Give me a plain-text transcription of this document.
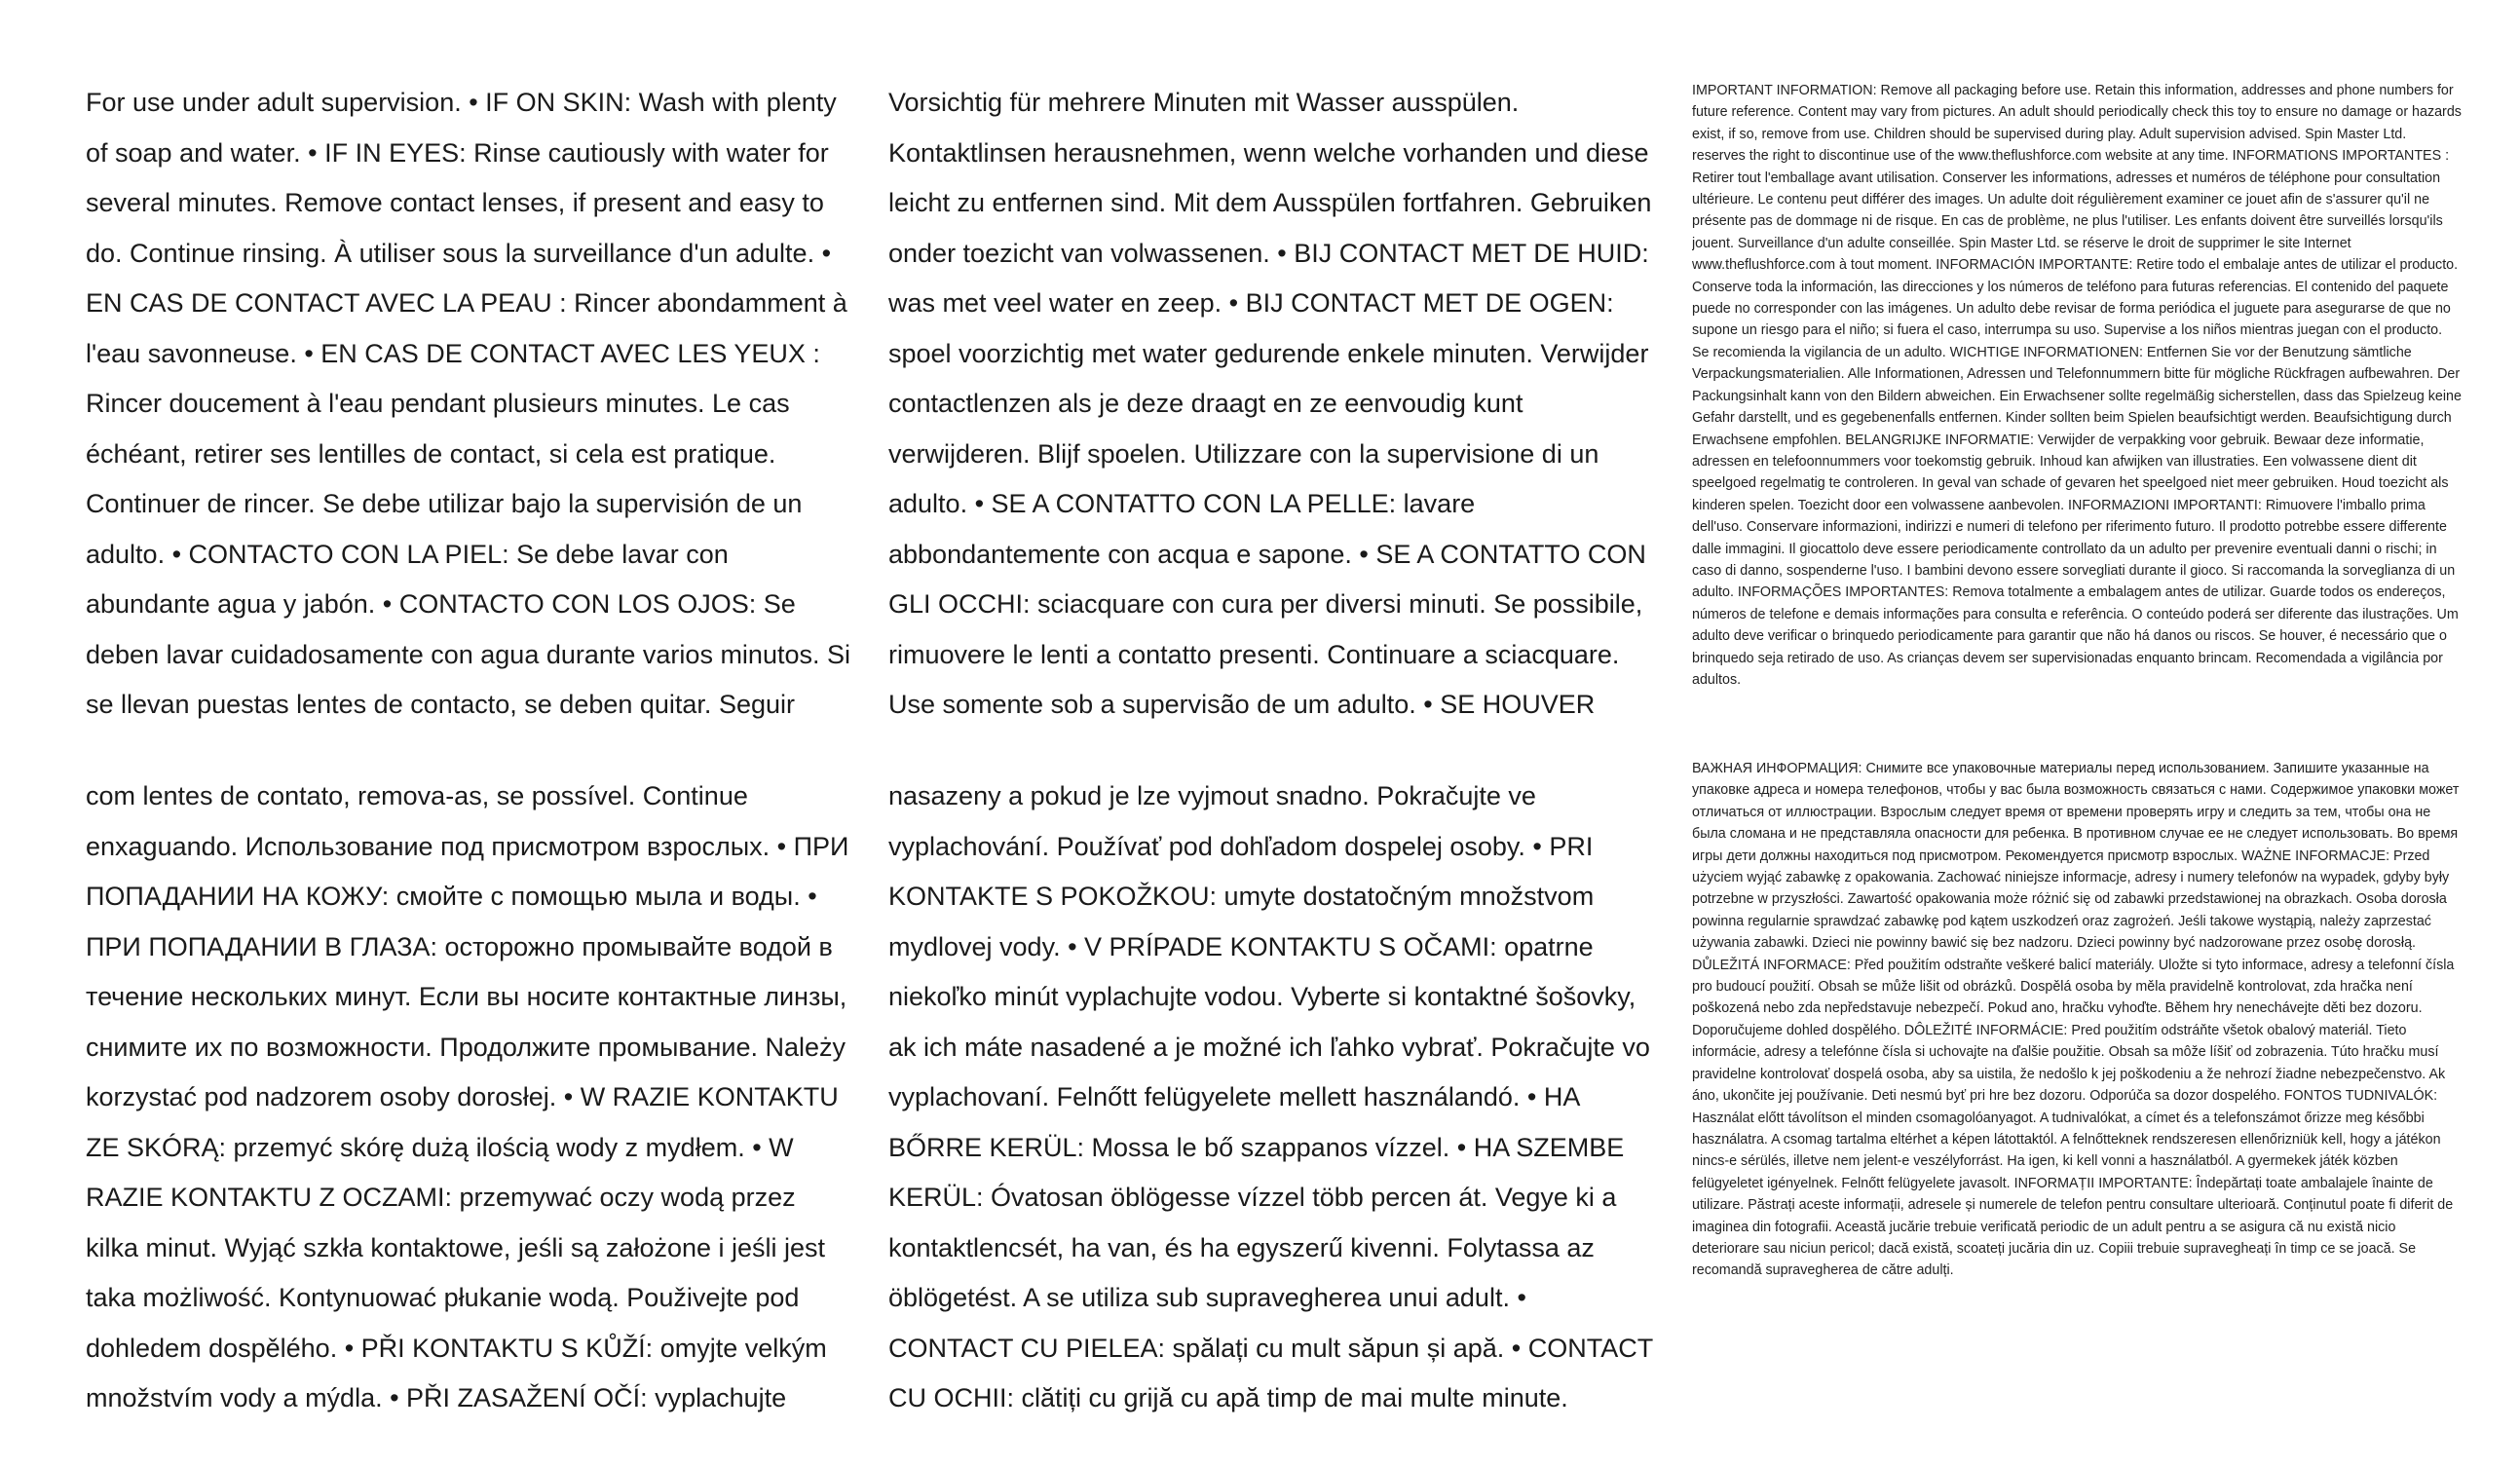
For use under adult supervision. • IF ON SKIN: Wash with plenty of soap and water. • IF IN EYES: Rinse cautiously with water for several minutes. Remove contact lenses, if present and easy to do. Continue rinsing. À utiliser sous la surveillance d'un adulte. • EN CAS DE CONTACT AVEC LA PEAU : Rincer abondamment à l'eau savonneuse. • EN CAS DE CONTACT AVEC LES YEUX : Rincer doucement à l'eau pendant plusieurs minutes. Le cas échéant, retirer ses lentilles de contact, si cela est pratique. Continuer de rincer. Se debe utilizar bajo la supervisión de un adulto. • CONTACTO CON LA PIEL: Se debe lavar con abundante agua y jabón. • CONTACTO CON LOS OJOS: Se deben lavar cuidadosamente con agua durante varios minutos. Si se llevan puestas lentes de contacto, se deben quitar. Seguir

Vorsichtig für mehrere Minuten mit Wasser ausspülen. Kontaktlinsen herausnehmen, wenn welche vorhanden und diese leicht zu entfernen sind. Mit dem Ausspülen fortfahren. Gebruiken onder toezicht van volwassenen. • BIJ CONTACT MET DE HUID: was met veel water en zeep. • BIJ CONTACT MET DE OGEN: spoel voorzichtig met water gedurende enkele minuten. Verwijder contactlenzen als je deze draagt en ze eenvoudig kunt verwijderen. Blijf spoelen. Utilizzare con la supervisione di un adulto. • SE A CONTATTO CON LA PELLE: lavare abbondantemente con acqua e sapone. • SE A CONTATTO CON GLI OCCHI: sciacquare con cura per diversi minuti. Se possibile, rimuovere le lenti a contatto presenti. Continuare a sciacquare. Use somente sob a supervisão de um adulto. • SE HOUVER

com lentes de contato, remova-as, se possível. Continue enxaguando. Использование под присмотром взрослых. • ПРИ ПОПАДАНИИ НА КОЖУ: смойте с помощью мыла и воды. • ПРИ ПОПАДАНИИ В ГЛАЗА: осторожно промывайте водой в течение нескольких минут. Если вы носите контактные линзы, снимите их по возможности. Продолжите промывание. Należy korzystać pod nadzorem osoby dorosłej. • W RAZIE KONTAKTU ZE SKÓRĄ: przemyć skórę dużą ilością wody z mydłem. • W RAZIE KONTAKTU Z OCZAMI: przemywać oczy wodą przez kilka minut. Wyjąć szkła kontaktowe, jeśli są założone i jeśli jest taka możliwość. Kontynuować płukanie wodą. Použivejte pod dohledem dospělého. • PŘI KONTAKTU S KŮŽÍ: omyjte velkým množstvím vody a mýdla. • PŘI ZASAŽENÍ OČÍ: vyplachujte

nasazeny a pokud je lze vyjmout snadno. Pokračujte ve vyplachování. Používať pod dohľadom dospelej osoby. • PRI KONTAKTE S POKOŽKOU: umyte dostatočným množstvom mydlovej vody. • V PRÍPADE KONTAKTU S OČAMI: opatrne niekoľko minút vyplachujte vodou. Vyberte si kontaktné šošovky, ak ich máte nasadené a je možné ich ľahko vybrať. Pokračujte vo vyplachovaní. Felnőtt felügyelete mellett használandó. • HA BŐRRE KERÜL: Mossa le bő szappanos vízzel. • HA SZEMBE KERÜL: Óvatosan öblögesse vízzel több percen át. Vegye ki a kontaktlencsét, ha van, és ha egyszerű kivenni. Folytassa az öblögetést. A se utiliza sub supravegherea unui adult. • CONTACT CU PIELEA: spălați cu mult săpun și apă. • CONTACT CU OCHII: clătiți cu grijă cu apă timp de mai multe minute.

IMPORTANT INFORMATION: Remove all packaging before use. Retain this information, addresses and phone numbers for future reference. Content may vary from pictures. An adult should periodically check this toy to ensure no damage or hazards exist, if so, remove from use. Children should be supervised during play. Adult supervision advised. Spin Master Ltd. reserves the right to discontinue use of the www.theflushforce.com website at any time. INFORMATIONS IMPORTANTES : Retirer tout l'emballage avant utilisation. Conserver les informations, adresses et numéros de téléphone pour consultation ultérieure. Le contenu peut différer des images. Un adulte doit régulièrement examiner ce jouet afin de s'assurer qu'il ne présente pas de dommage ni de risque. En cas de problème, ne plus l'utiliser. Les enfants doivent être surveillés lorsqu'ils jouent. Surveillance d'un adulte conseillée. Spin Master Ltd. se réserve le droit de supprimer le site Internet www.theflushforce.com à tout moment. INFORMACIÓN IMPORTANTE: Retire todo el embalaje antes de utilizar el producto. Conserve toda la información, las direcciones y los números de teléfono para futuras referencias. El contenido del paquete puede no corresponder con las imágenes. Un adulto debe revisar de forma periódica el juguete para asegurarse de que no supone un riesgo para el niño; si fuera el caso, interrumpa su uso. Supervise a los niños mientras juegan con el producto. Se recomienda la vigilancia de un adulto. WICHTIGE INFORMATIONEN: Entfernen Sie vor der Benutzung sämtliche Verpackungsmaterialien. Alle Informationen, Adressen und Telefonnummern bitte für mögliche Rückfragen aufbewahren. Der Packungsinhalt kann von den Bildern abweichen. Ein Erwachsener sollte regelmäßig sicherstellen, dass das Spielzeug keine Gefahr darstellt, und es gegebenenfalls entfernen. Kinder sollten beim Spielen beaufsichtigt werden. Beaufsichtigung durch Erwachsene empfohlen. BELANGRIJKE INFORMATIE: Verwijder de verpakking voor gebruik. Bewaar deze informatie, adressen en telefoonnummers voor toekomstig gebruik. Inhoud kan afwijken van illustraties. Een volwassene dient dit speelgoed regelmatig te controleren. In geval van schade of gevaren het speelgoed niet meer gebruiken. Houd toezicht als kinderen spelen. Toezicht door een volwassene aanbevolen. INFORMAZIONI IMPORTANTI: Rimuovere l'imballo prima dell'uso. Conservare informazioni, indirizzi e numeri di telefono per riferimento futuro. Il prodotto potrebbe essere differente dalle immagini. Il giocattolo deve essere periodicamente controllato da un adulto per prevenire eventuali danni o rischi; in caso di danno, sospenderne l'uso. I bambini devono essere sorvegliati durante il gioco. Si raccomanda la sorveglianza di un adulto. INFORMAÇÕES IMPORTANTES: Remova totalmente a embalagem antes de utilizar. Guarde todos os endereços, números de telefone e demais informações para consulta e referência. O conteúdo poderá ser diferente das ilustrações. Um adulto deve verificar o brinquedo periodicamente para garantir que não há danos ou riscos. Se houver, é necessário que o brinquedo seja retirado de uso. As crianças devem ser supervisionadas enquanto brincam. Recomendada a vigilância por adultos.

ВАЖНАЯ ИНФОРМАЦИЯ: Снимите все упаковочные материалы перед использованием. Запишите указанные на упаковке адреса и номера телефонов, чтобы у вас была возможность связаться с нами. Содержимое упаковки может отличаться от иллюстрации. Взрослым следует время от времени проверять игру и следить за тем, чтобы она не была сломана и не представляла опасности для ребенка. В противном случае ее не следует использовать. Во время игры дети должны находиться под присмотром. Рекомендуется присмотр взрослых. WAŻNE INFORMACJE: Przed użyciem wyjąć zabawkę z opakowania. Zachować niniejsze informacje, adresy i numery telefonów na wypadek, gdyby były potrzebne w przyszłości. Zawartość opakowania może różnić się od zabawki przedstawionej na obrazkach. Osoba dorosła powinna regularnie sprawdzać zabawkę pod kątem uszkodzeń oraz zagrożeń. Jeśli takowe wystąpią, należy zaprzestać używania zabawki. Dzieci nie powinny bawić się bez nadzoru. Dzieci powinny być nadzorowane przez osobę dorosłą. DŮLEŽITÁ INFORMACE: Před použitím odstraňte veškeré balicí materiály. Uložte si tyto informace, adresy a telefonní čísla pro budoucí použití. Obsah se může lišit od obrázků. Dospělá osoba by měla pravidelně kontrolovat, zda hračka není poškozená nebo zda nepředstavuje nebezpečí. Pokud ano, hračku vyhoďte. Během hry nenechávejte děti bez dozoru. Doporučujeme dohled dospělého. DÔLEŽITÉ INFORMÁCIE: Pred použitím odstráňte všetok obalový materiál. Tieto informácie, adresy a telefónne čísla si uchovajte na ďalšie použitie. Obsah sa môže líšiť od zobrazenia. Túto hračku musí pravidelne kontrolovať dospelá osoba, aby sa uistila, že nedošlo k jej poškodeniu a že nehrozí žiadne nebezpečenstvo. Ak áno, ukončite jej používanie. Deti nesmú byť pri hre bez dozoru. Odporúča sa dozor dospelého. FONTOS TUDNIVALÓK: Használat előtt távolítson el minden csomagolóanyagot. A tudnivalókat, a címet és a telefonszámot őrizze meg későbbi használatra. A csomag tartalma eltérhet a képen látottaktól. A felnőtteknek rendszeresen ellenőrizniük kell, hogy a játékon nincs-e sérülés, illetve nem jelent-e veszélyforrást. Ha igen, ki kell vonni a használatból. A gyermekek játék közben felügyeletet igényelnek. Felnőtt felügyelete javasolt. INFORMAȚII IMPORTANTE: Îndepărtați toate ambalajele înainte de utilizare. Păstrați aceste informații, adresele și numerele de telefon pentru consultare ulterioară. Conținutul poate fi diferit de imaginea din fotografii. Această jucărie trebuie verificată periodic de un adult pentru a se asigura că nu există nicio deteriorare sau niciun pericol; dacă există, scoateți jucăria din uz. Copiii trebuie supravegheați în timp ce se joacă. Se recomandă supravegherea de către adulți.
